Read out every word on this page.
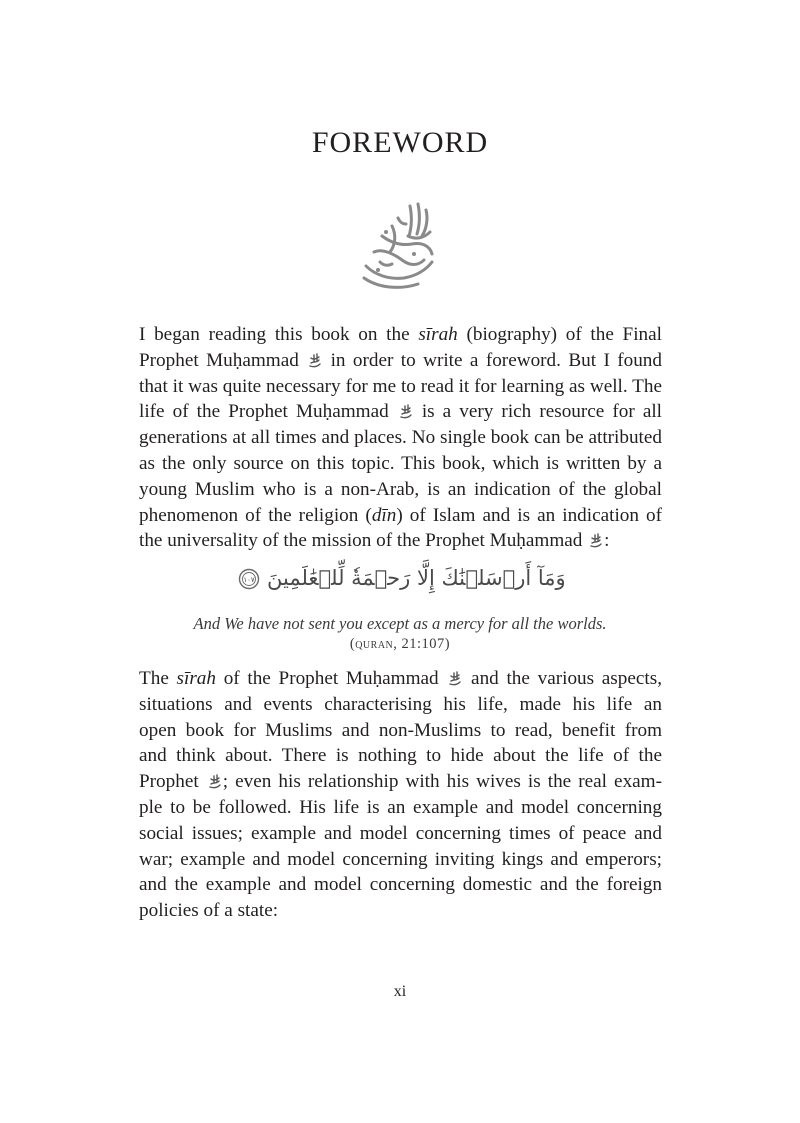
FOREWORD

I began reading this book on the sīrah (biography) of the Final
Prophet Muḥammad  in order to write a foreword. But I found
that it was quite necessary for me to read it for learning as well. The
life of the Prophet Muḥammad  is a very rich resource for all
generations at all times and places. No single book can be attributed
as the only source on this topic. This book, which is written by a
young Muslim who is a non-Arab, is an indication of the global
phenomenon of the religion (dīn) of Islam and is an indication of
the universality of the mission of the Prophet Muḥammad :

وَمَآ أَرۡسَلۡنَٰكَ إِلَّا رَحۡمَةٗ لِّلۡعَٰلَمِينَ
١٠٧
And We have not sent you except as a mercy for all the worlds.
(quran, 21:107)

The sīrah of the Prophet Muḥammad  and the various aspects,
situations and events characterising his life, made his life an
open book for Muslims and non-Muslims to read, benefit from
and think about. There is nothing to hide about the life of the
Prophet ; even his relationship with his wives is the real exam-
ple to be followed. His life is an example and model concerning
social issues; example and model concerning times of peace and
war; example and model concerning inviting kings and emperors;
and the example and model concerning domestic and the foreign
policies of a state:

xi
